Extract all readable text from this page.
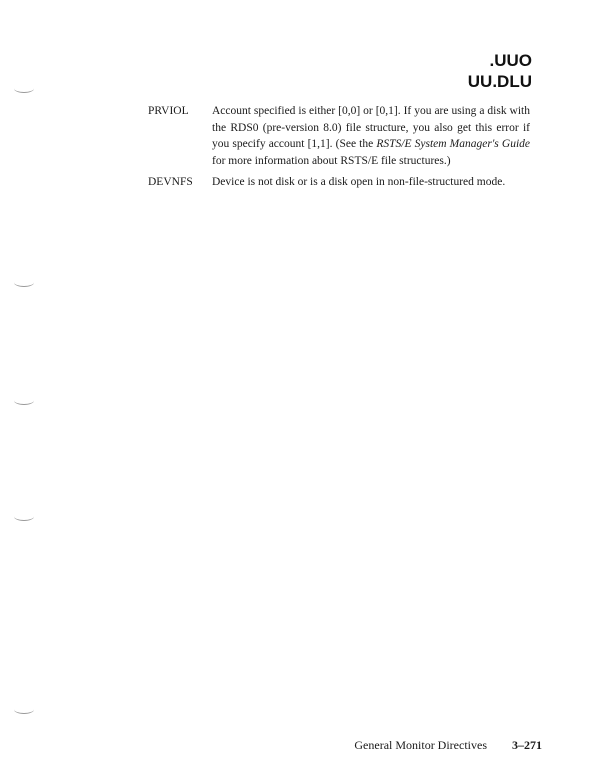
.UUO
UU.DLU
PRVIOL	Account specified is either [0,0] or [0,1]. If you are using a disk with the RDS0 (pre-version 8.0) file structure, you also get this error if you specify account [1,1]. (See the RSTS/E System Manager's Guide for more information about RSTS/E file structures.)
DEVNFS	Device is not disk or is a disk open in non-file-structured mode.
General Monitor Directives 3–271
